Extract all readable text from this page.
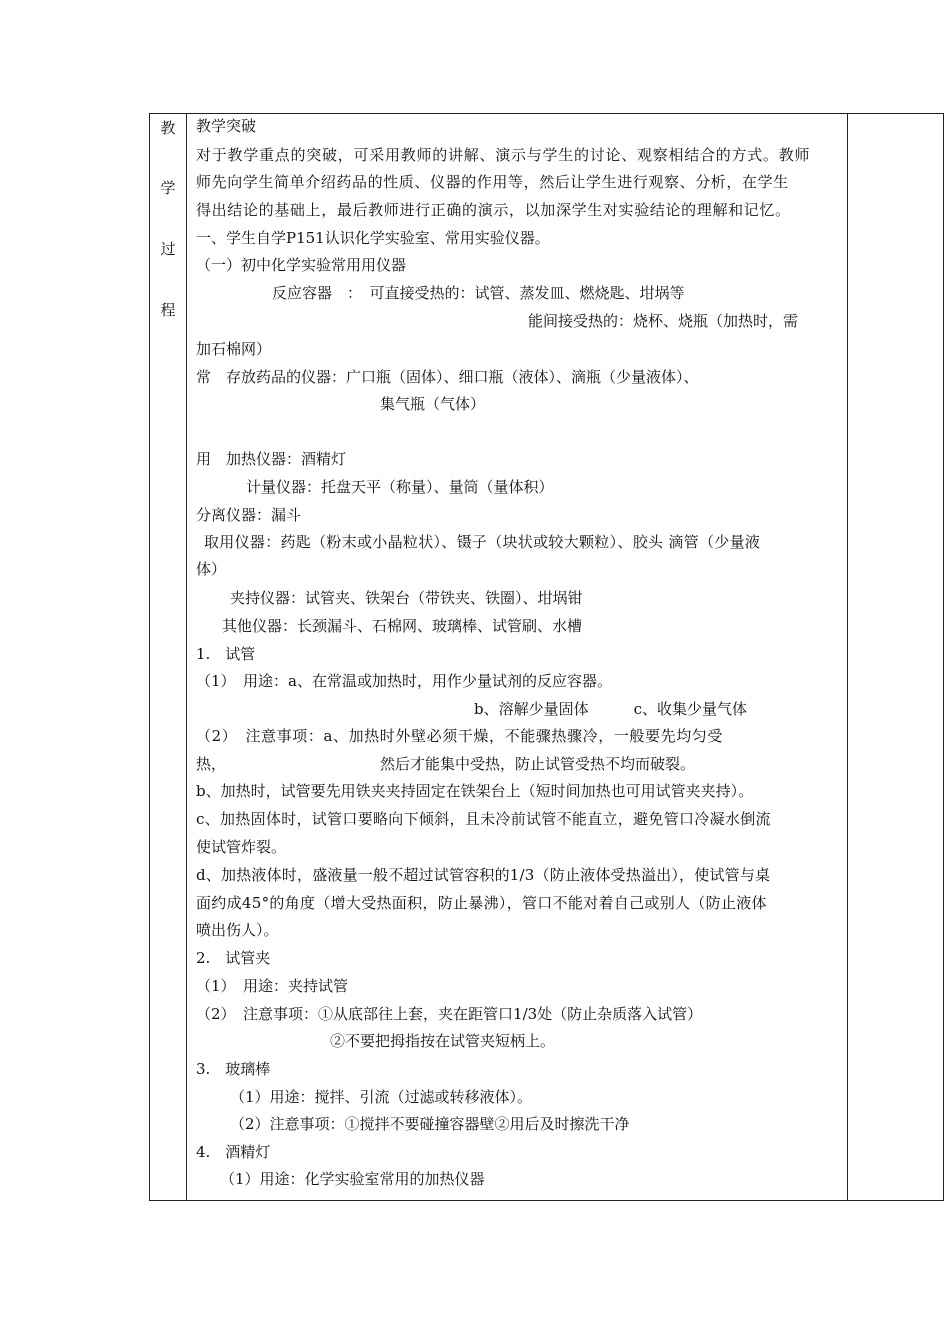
教
学
过
程
教学突破
对于教学重点的突破，可采用教师的讲解、演示与学生的讨论、观察相结合的方式。教师
师先向学生简单介绍药品的性质、仪器的作用等，然后让学生进行观察、分析，在学生
得出结论的基础上，最后教师进行正确的演示，以加深学生对实验结论的理解和记忆。
一、学生自学P151认识化学实验室、常用实验仪器。
（一）初中化学实验常用用仪器
反应容器　：　可直接受热的：试管、蒸发皿、燃烧匙、坩埚等
能间接受热的：烧杯、烧瓶（加热时，需
加石棉网）
常　存放药品的仪器：广口瓶（固体）、细口瓶（液体）、滴瓶（少量液体）、
集气瓶（气体）
用　加热仪器：酒精灯
计量仪器：托盘天平（称量）、量筒（量体积）
分离仪器：漏斗
取用仪器：药匙（粉末或小晶粒状）、镊子（块状或较大颗粒）、胶头 滴管（少量液
体）
夹持仪器：试管夹、铁架台（带铁夹、铁圈）、坩埚钳
其他仪器：长颈漏斗、石棉网、玻璃棒、试管刷、水槽
1.　试管
（1）　用途：a、在常温或加热时，用作少量试剂的反应容器。
b、溶解少量固体　　　c、收集少量气体
（2）　注意事项：a、加热时外壁必须干燥，不能骤热骤冷，一般要先均匀受
热，	然后才能集中受热，防止试管受热不均而破裂。
b、加热时，试管要先用铁夹夹持固定在铁架台上（短时间加热也可用试管夹夹持）。
c、加热固体时，试管口要略向下倾斜，且未冷前试管不能直立，避免管口冷凝水倒流
使试管炸裂。
d、加热液体时，盛液量一般不超过试管容积的1/3（防止液体受热溢出），使试管与桌
面约成45°的角度（增大受热面积，防止暴沸），管口不能对着自己或别人（防止液体
喷出伤人）。
2.　试管夹
（1）　用途：夹持试管
（2）　注意事项：①从底部往上套，夹在距管口1/3处（防止杂质落入试管）
②不要把拇指按在试管夹短柄上。
3.　玻璃棒
（1）用途：搅拌、引流（过滤或转移液体）。
（2）注意事项：①搅拌不要碰撞容器壁②用后及时擦洗干净
4.　酒精灯
（1）用途：化学实验室常用的加热仪器
